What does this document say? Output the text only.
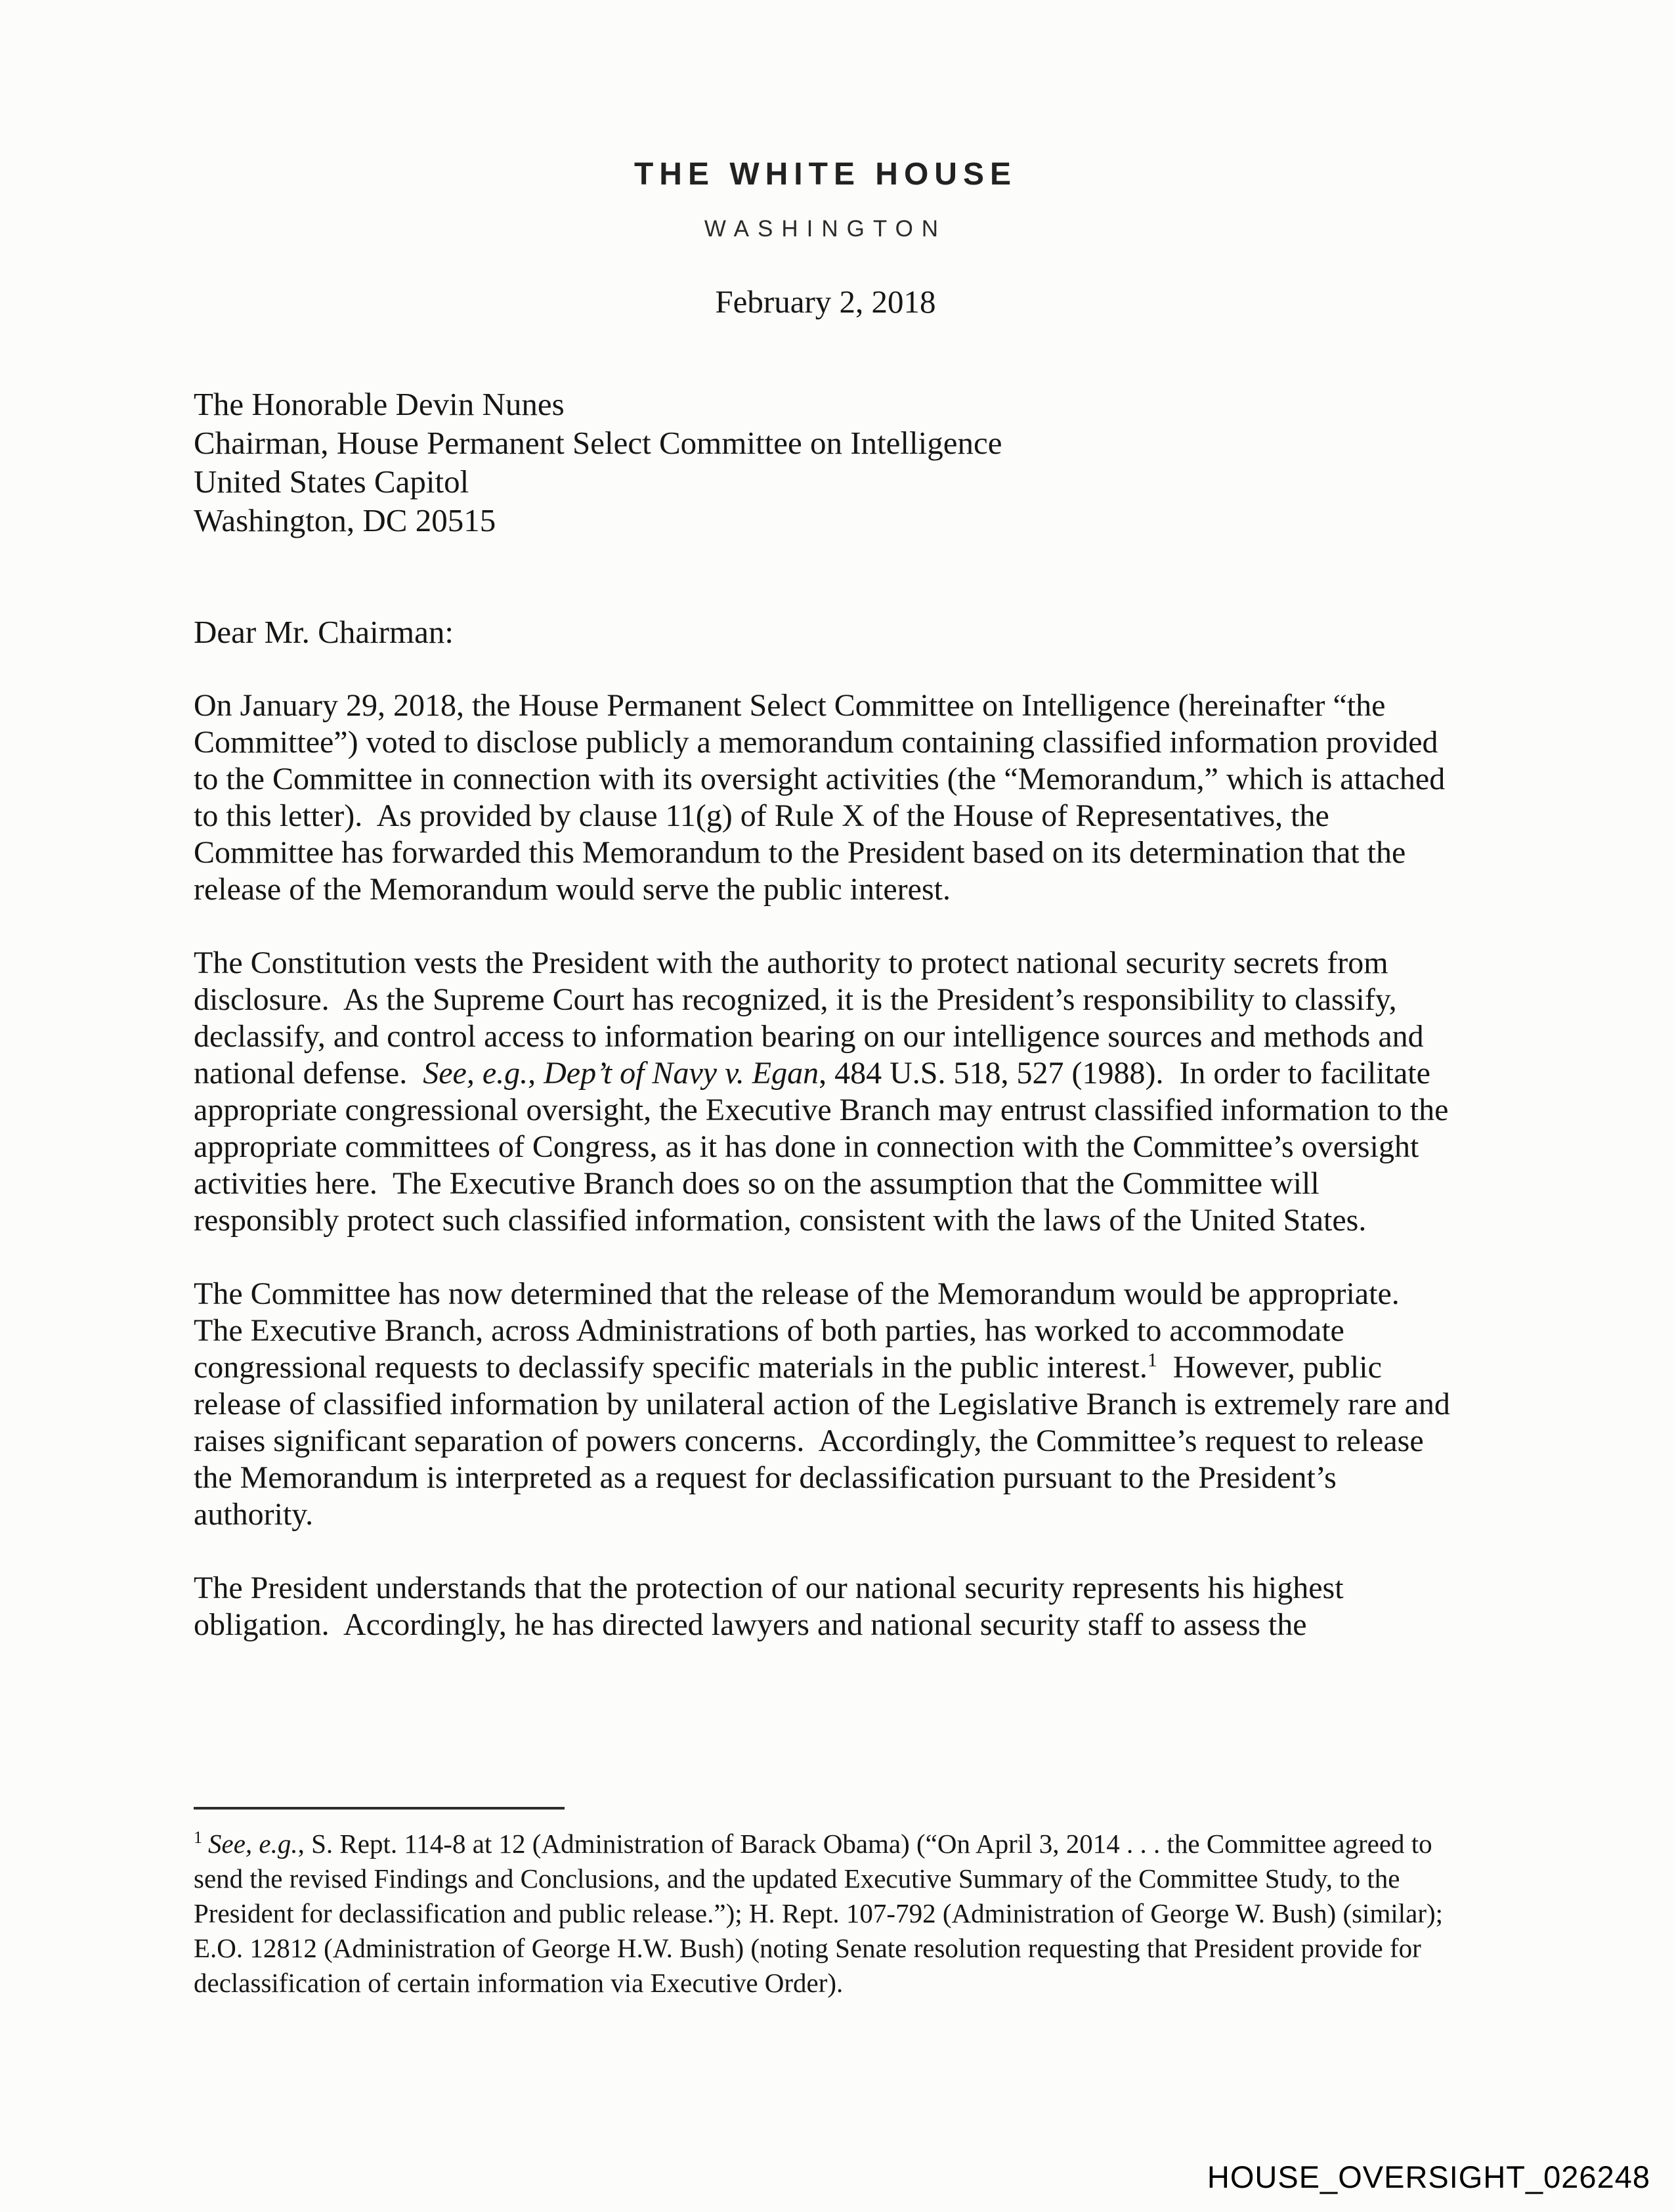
THE WHITE HOUSE
WASHINGTON
February 2, 2018
The Honorable Devin Nunes
Chairman, House Permanent Select Committee on Intelligence
United States Capitol
Washington, DC 20515
Dear Mr. Chairman:

On January 29, 2018, the House Permanent Select Committee on Intelligence (hereinafter “the Committee”) voted to disclose publicly a memorandum containing classified information provided to the Committee in connection with its oversight activities (the “Memorandum,” which is attached to this letter).  As provided by clause 11(g) of Rule X of the House of Representatives, the Committee has forwarded this Memorandum to the President based on its determination that the release of the Memorandum would serve the public interest.

The Constitution vests the President with the authority to protect national security secrets from disclosure.  As the Supreme Court has recognized, it is the President’s responsibility to classify, declassify, and control access to information bearing on our intelligence sources and methods and national defense.  See, e.g., Dep’t of Navy v. Egan, 484 U.S. 518, 527 (1988).  In order to facilitate appropriate congressional oversight, the Executive Branch may entrust classified information to the appropriate committees of Congress, as it has done in connection with the Committee’s oversight activities here.  The Executive Branch does so on the assumption that the Committee will responsibly protect such classified information, consistent with the laws of the United States.

The Committee has now determined that the release of the Memorandum would be appropriate.  The Executive Branch, across Administrations of both parties, has worked to accommodate congressional requests to declassify specific materials in the public interest.$^1$  However, public release of classified information by unilateral action of the Legislative Branch is extremely rare and raises significant separation of powers concerns.  Accordingly, the Committee’s request to release the Memorandum is interpreted as a request for declassification pursuant to the President’s authority.

The President understands that the protection of our national security represents his highest obligation.  Accordingly, he has directed lawyers and national security staff to assess the

$^1$ See, e.g., S. Rept. 114-8 at 12 (Administration of Barack Obama) (“On April 3, 2014 . . . the Committee agreed to send the revised Findings and Conclusions, and the updated Executive Summary of the Committee Study, to the President for declassification and public release.”); H. Rept. 107-792 (Administration of George W. Bush) (similar); E.O. 12812 (Administration of George H.W. Bush) (noting Senate resolution requesting that President provide for declassification of certain information via Executive Order).
HOUSE_OVERSIGHT_026248
